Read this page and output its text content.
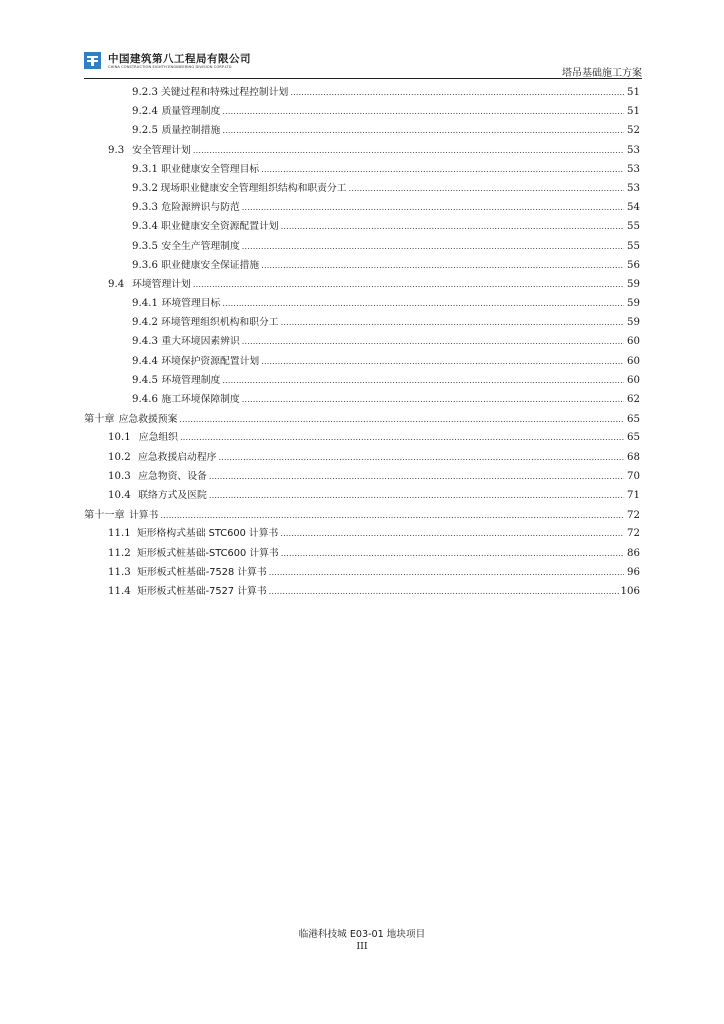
中国建筑第八工程局有限公司
CHINA CONSTRUCTION EIGHTH ENGINEERING DIVISION CORP.LTD
塔吊基础施工方案
9.2.3 关键过程和特殊过程控制计划 .....	51
9.2.4 质量管理制度 .....	51
9.2.5 质量控制措施 .....	52
9.3 安全管理计划 .....	53
9.3.1 职业健康安全管理目标 .....	53
9.3.2 现场职业健康安全管理组织结构和职责分工 .....	53
9.3.3 危险源辨识与防范 .....	54
9.3.4 职业健康安全资源配置计划 .....	55
9.3.5 安全生产管理制度 .....	55
9.3.6 职业健康安全保证措施 .....	56
9.4 环境管理计划 .....	59
9.4.1 环境管理目标 .....	59
9.4.2 环境管理组织机构和职分工 .....	59
9.4.3 重大环境因素辨识 .....	60
9.4.4 环境保护资源配置计划 .....	60
9.4.5 环境管理制度 .....	60
9.4.6 施工环境保障制度 .....	62
第十章 应急救援预案 .....	65
10.1 应急组织 .....	65
10.2 应急救援启动程序 .....	68
10.3 应急物资、设备 .....	70
10.4 联络方式及医院 .....	71
第十一章 计算书 .....	72
11.1 矩形格构式基础 STC600 计算书 .....	72
11.2 矩形板式桩基础-STC600 计算书 .....	86
11.3 矩形板式桩基础-7528 计算书 .....	96
11.4 矩形板式桩基础-7527 计算书 .....	106
临港科技城 E03-01 地块项目
III
